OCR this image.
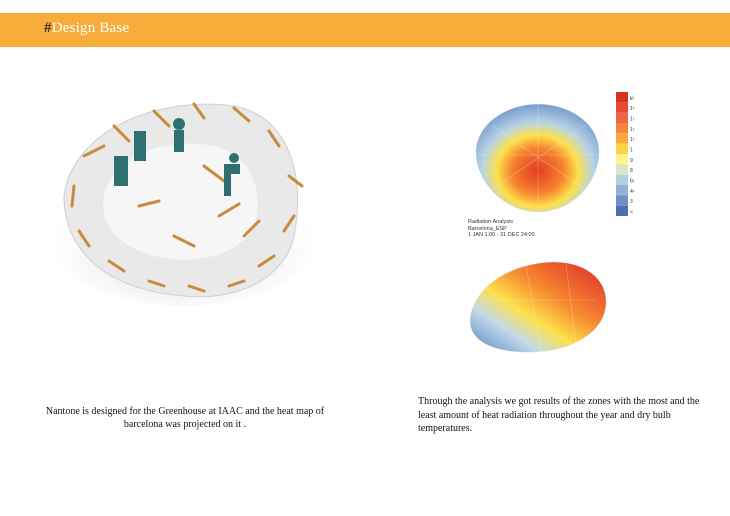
#Design Base
k²
1²
1¹
1¹
1¹
1
9
8
6¹
4¹
3
<
Radiation Analysis
Barcelona_ESP
1 JAN 1:00 - 31 DEC 24:00
Nantone is designed for the Greenhouse at IAAC and the heat map of barcelona was projected on it .
Through the analysis we got results of the zones with the most and the least amount of heat radiation throughout the year and dry bulb temperatures.
